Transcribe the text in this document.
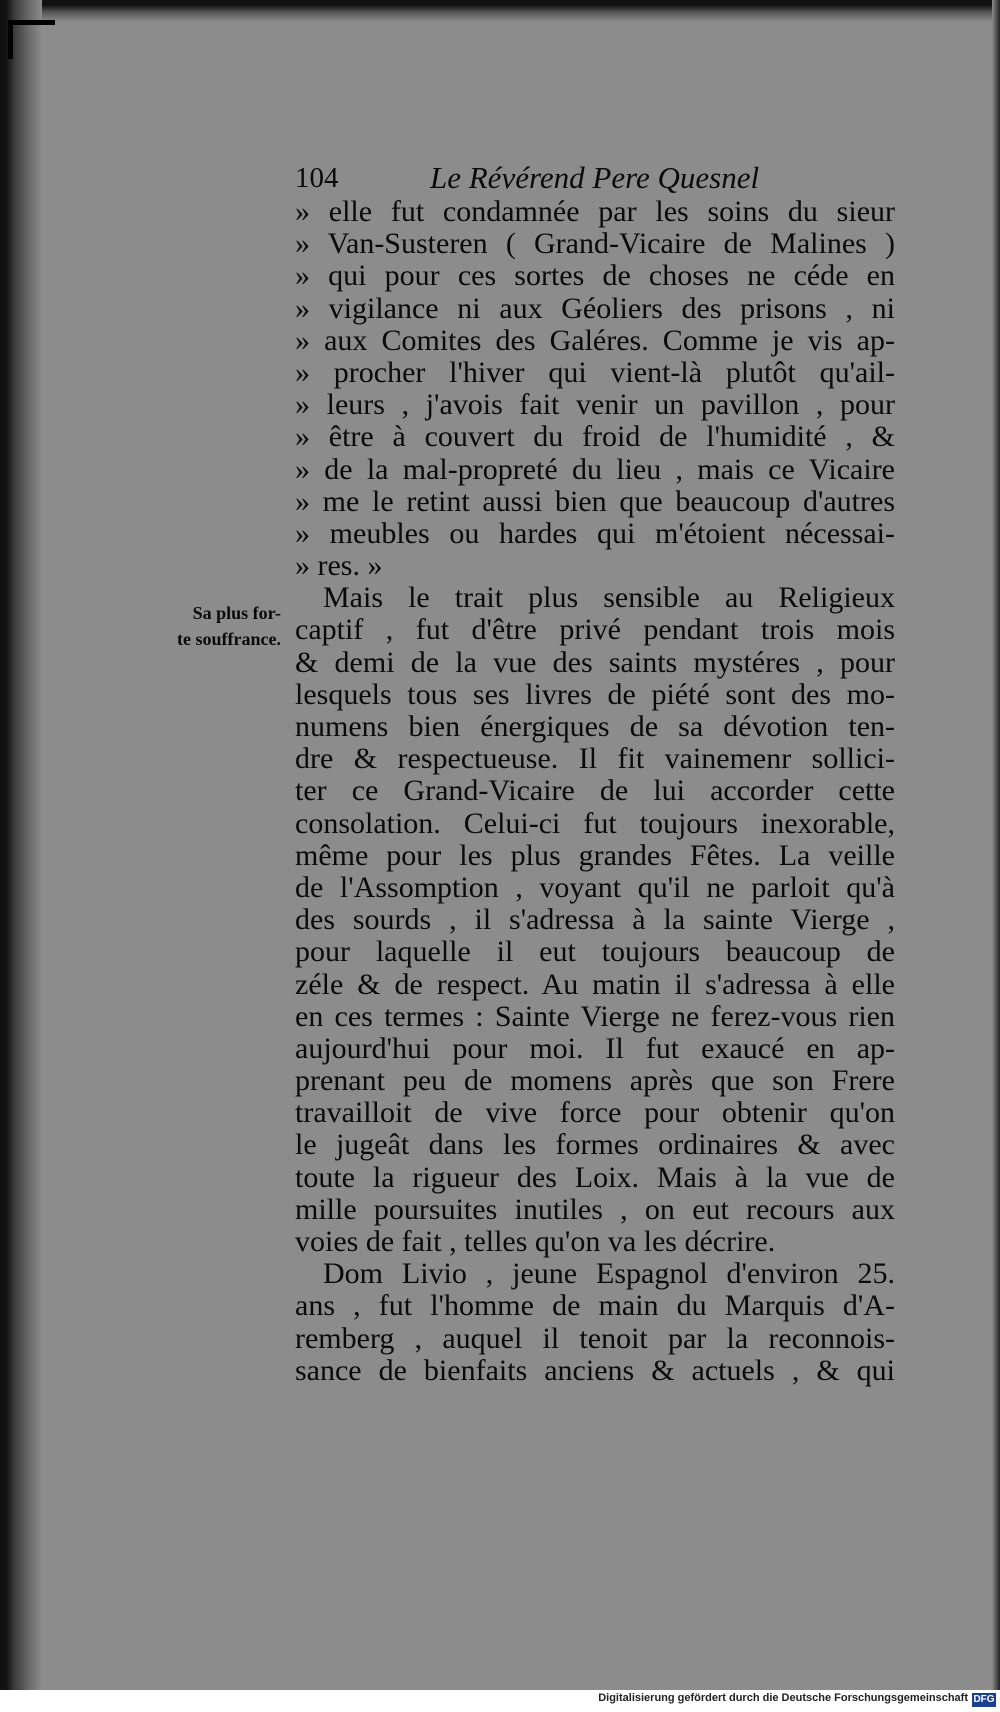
Sa plus for-
te souffrance.
104	Le Révérend Pere Quesnel
» elle fut condamnée par les soins du sieur
» Van-Susteren ( Grand-Vicaire de Malines )
» qui pour ces sortes de choses ne céde en
» vigilance ni aux Géoliers des prisons , ni
» aux Comites des Galéres. Comme je vis ap-
» procher l'hiver qui vient-là plutôt qu'ail-
» leurs , j'avois fait venir un pavillon , pour
» être à couvert du froid de l'humidité , &
» de la mal-propreté du lieu , mais ce Vicaire
» me le retint aussi bien que beaucoup d'autres
» meubles ou hardes qui m'étoient nécessai-
» res. »
Mais le trait plus sensible au Religieux
captif , fut d'être privé pendant trois mois
& demi de la vue des saints mystéres , pour
lesquels tous ses livres de piété sont des mo-
numens bien énergiques de sa dévotion ten-
dre & respectueuse. Il fit vainemenr sollici-
ter ce Grand-Vicaire de lui accorder cette
consolation. Celui-ci fut toujours inexorable,
même pour les plus grandes Fêtes. La veille
de l'Assomption , voyant qu'il ne parloit qu'à
des sourds , il s'adressa à la sainte Vierge ,
pour laquelle il eut toujours beaucoup de
zéle & de respect. Au matin il s'adressa à elle
en ces termes : Sainte Vierge ne ferez-vous rien
aujourd'hui pour moi. Il fut exaucé en ap-
prenant peu de momens après que son Frere
travailloit de vive force pour obtenir qu'on
le jugeât dans les formes ordinaires & avec
toute la rigueur des Loix. Mais à la vue de
mille poursuites inutiles , on eut recours aux
voies de fait , telles qu'on va les décrire.
Dom Livio , jeune Espagnol d'environ 25.
ans , fut l'homme de main du Marquis d'A-
remberg , auquel il tenoit par la reconnois-
sance de bienfaits anciens & actuels , & qui
Digitalisierung gefördert durch die Deutsche Forschungsgemeinschaft DFG
